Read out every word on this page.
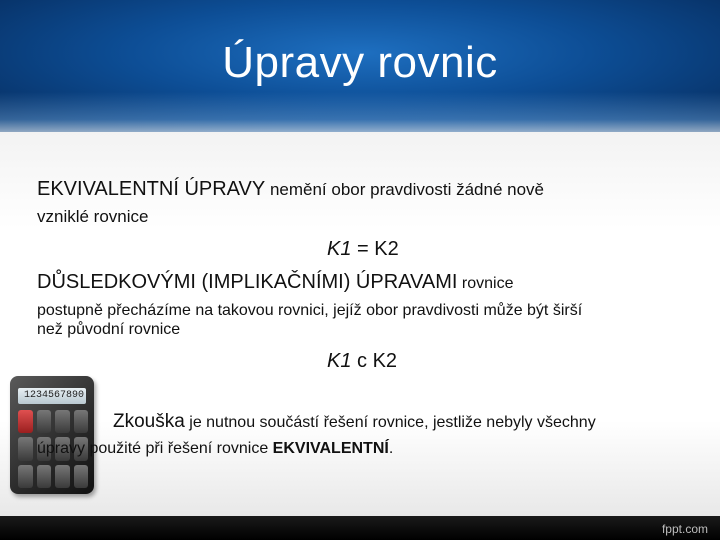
Úpravy rovnic
EKVIVALENTNÍ ÚPRAVY nemění obor pravdivosti žádné nově
vzniklé rovnice
K1 = K2
DŮSLEDKOVÝMI (IMPLIKAČNÍMI) ÚPRAVAMI rovnice
postupně přecházíme na takovou rovnici, jejíž obor pravdivosti může být širší
než původní rovnice
K1 c K2
1234567890
Zkouška je nutnou součástí řešení rovnice, jestliže nebyly všechny
úpravy použité při řešení rovnice EKVIVALENTNÍ.
fppt.com
